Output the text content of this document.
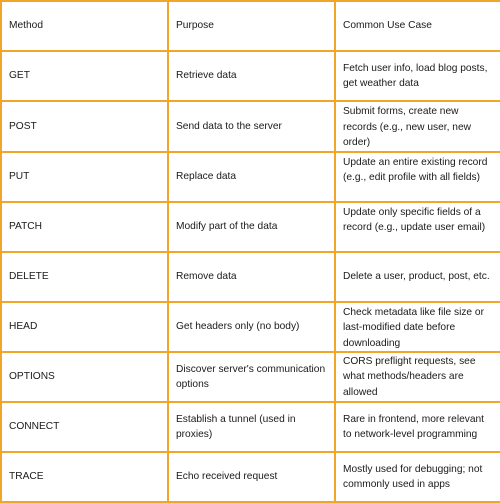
Method	Purpose	Common Use Case
GET	Retrieve data	Fetch user info, load blog posts, get weather data
POST	Send data to the server	Submit forms, create new records (e.g., new user, new order)
PUT	Replace data	Update an entire existing record (e.g., edit profile with all fields)
PATCH	Modify part of the data	Update only specific fields of a record (e.g., update user email)
DELETE	Remove data	Delete a user, product, post, etc.
HEAD	Get headers only (no body)	Check metadata like file size or last-modified date before downloading
OPTIONS	Discover server's communication options	CORS preflight requests, see what methods/headers are allowed
CONNECT	Establish a tunnel (used in proxies)	Rare in frontend, more relevant to network-level programming
TRACE	Echo received request	Mostly used for debugging; not commonly used in apps
